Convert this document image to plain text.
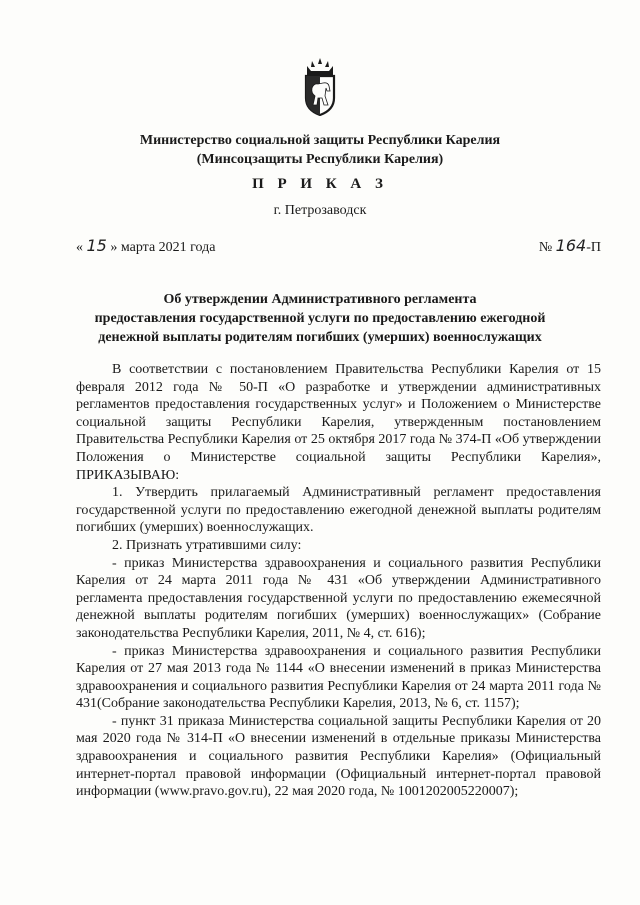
Министерство социальной защиты Республики Карелия
(Минсоцзащиты Республики Карелия)
П Р И К А З
г. Петрозаводск
« 15 » марта 2021 года	№ 164-П
Об утверждении Административного регламента
предоставления государственной услуги по предоставлению ежегодной
денежной выплаты родителям погибших (умерших) военнослужащих

В соответствии с постановлением Правительства Республики Карелия от 15 февраля 2012 года № 50-П «О разработке и утверждении административных регламентов предоставления государственных услуг» и Положением о Министерстве социальной защиты Республики Карелия, утвержденным постановлением Правительства Республики Карелия от 25 октября 2017 года № 374-П «Об утверждении Положения о Министерстве социальной защиты Республики Карелия», ПРИКАЗЫВАЮ:

1. Утвердить прилагаемый Административный регламент предоставления государственной услуги по предоставлению ежегодной денежной выплаты родителям погибших (умерших) военнослужащих.

2. Признать утратившими силу:

- приказ Министерства здравоохранения и социального развития Республики Карелия от 24 марта 2011 года № 431 «Об утверждении Административного регламента предоставления государственной услуги по предоставлению ежемесячной денежной выплаты родителям погибших (умерших) военнослужащих» (Собрание законодательства Республики Карелия, 2011, № 4, ст. 616);

- приказ Министерства здравоохранения и социального развития Республики Карелия от 27 мая 2013 года № 1144 «О внесении изменений в приказ Министерства здравоохранения и социального развития Республики Карелия от 24 марта 2011 года № 431(Собрание законодательства Республики Карелия, 2013, № 6, ст. 1157);

- пункт 31 приказа Министерства социальной защиты Республики Карелия от 20 мая 2020 года № 314-П «О внесении изменений в отдельные приказы Министерства здравоохранения и социального развития Республики Карелия» (Официальный интернет-портал правовой информации (Официальный интернет-портал правовой информации (www.pravo.gov.ru), 22 мая 2020 года, № 1001202005220007);
